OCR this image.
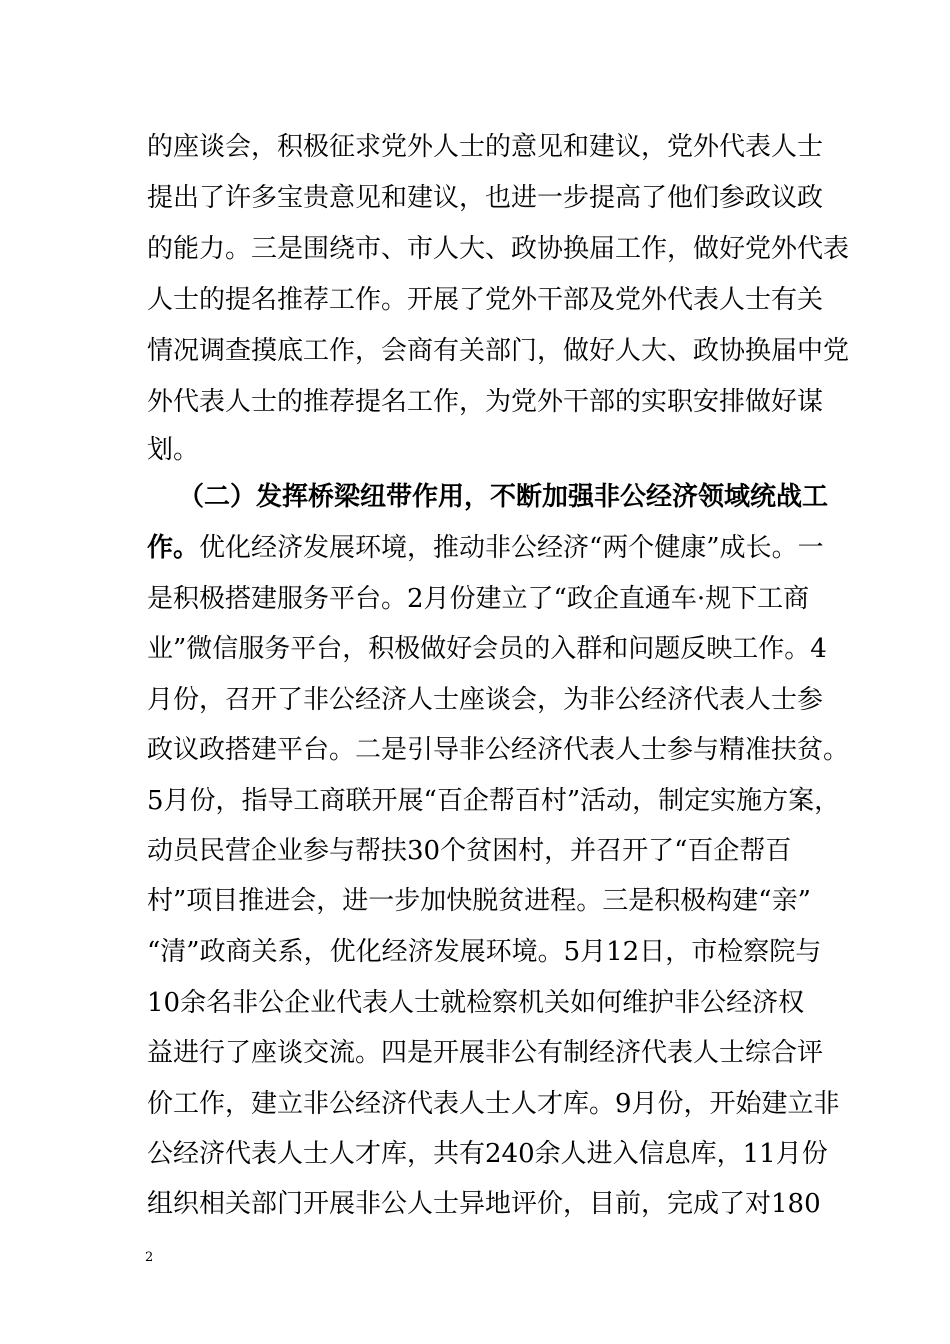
的座谈会，积极征求党外人士的意见和建议，党外代表人士
提出了许多宝贵意见和建议，也进一步提高了他们参政议政
的能力。三是围绕市、市人大、政协换届工作，做好党外代表
人士的提名推荐工作。开展了党外干部及党外代表人士有关
情况调查摸底工作，会商有关部门，做好人大、政协换届中党
外代表人士的推荐提名工作，为党外干部的实职安排做好谋
划。
（二）发挥桥梁纽带作用，不断加强非公经济领域统战工
作。优化经济发展环境，推动非公经济“两个健康”成长。一
是积极搭建服务平台。2月份建立了“政企直通车·规下工商
业”微信服务平台，积极做好会员的入群和问题反映工作。4
月份，召开了非公经济人士座谈会，为非公经济代表人士参
政议政搭建平台。二是引导非公经济代表人士参与精准扶贫。
5月份，指导工商联开展“百企帮百村”活动，制定实施方案，
动员民营企业参与帮扶30个贫困村，并召开了“百企帮百
村”项目推进会，进一步加快脱贫进程。三是积极构建“亲”
“清”政商关系，优化经济发展环境。5月12日，市检察院与
10余名非公企业代表人士就检察机关如何维护非公经济权
益进行了座谈交流。四是开展非公有制经济代表人士综合评
价工作，建立非公经济代表人士人才库。9月份，开始建立非
公经济代表人士人才库，共有240余人进入信息库，11月份
组织相关部门开展非公人士异地评价，目前，完成了对180
2
